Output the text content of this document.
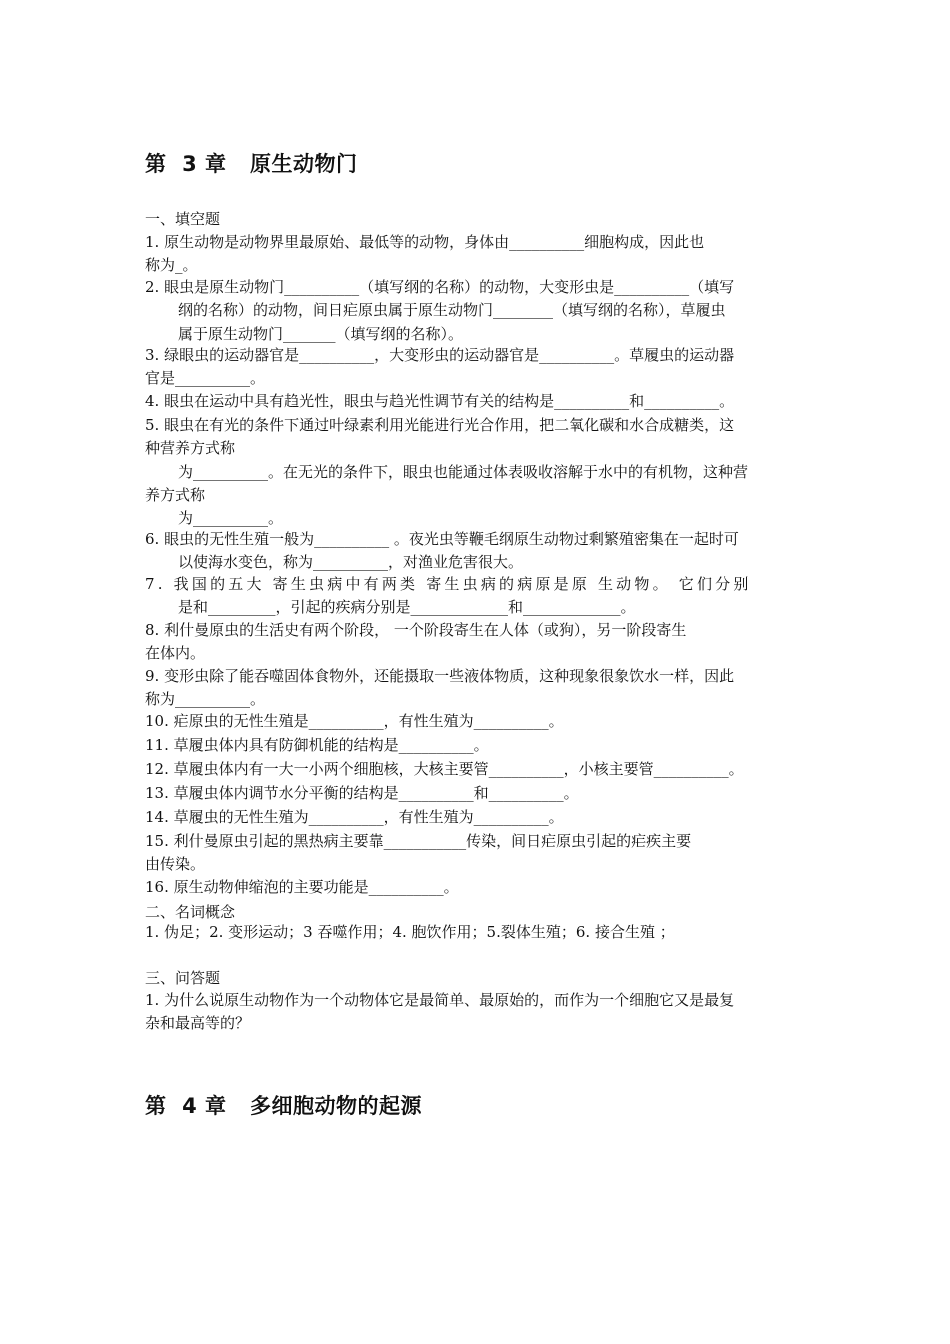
第  3 章   原生动物门

一、填空题

1. 原生动物是动物界里最原始、最低等的动物，身体由__________细胞构成，因此也
称为_。

2. 眼虫是原生动物门__________（填写纲的名称）的动物，大变形虫是__________（填写
纲的名称）的动物，间日疟原虫属于原生动物门________（填写纲的名称），草履虫
属于原生动物门_______（填写纲的名称）。

3. 绿眼虫的运动器官是__________，大变形虫的运动器官是__________。草履虫的运动器
官是__________。

4. 眼虫在运动中具有趋光性，眼虫与趋光性调节有关的结构是__________和__________。

5. 眼虫在有光的条件下通过叶绿素利用光能进行光合作用，把二氧化碳和水合成糖类，这
种营养方式称
为__________。在无光的条件下，眼虫也能通过体表吸收溶解于水中的有机物，这种营
养方式称
为__________。

6. 眼虫的无性生殖一般为__________ 。夜光虫等鞭毛纲原生动物过剩繁殖密集在一起时可
以使海水变色，称为__________，对渔业危害很大。

7. 我国的五大 寄生虫病中有两类 寄生虫病的病原是原 生动物。 它们分别
是和_________，引起的疾病分别是_____________和_____________。

8. 利什曼原虫的生活史有两个阶段， 一个阶段寄生在人体（或狗），另一阶段寄生
在体内。

9. 变形虫除了能吞噬固体食物外，还能摄取一些液体物质，这种现象很象饮水一样，因此
称为__________。

10. 疟原虫的无性生殖是__________，有性生殖为__________。

11. 草履虫体内具有防御机能的结构是__________。

12. 草履虫体内有一大一小两个细胞核，大核主要管__________，小核主要管__________。

13. 草履虫体内调节水分平衡的结构是__________和__________。

14. 草履虫的无性生殖为__________，有性生殖为__________。

15. 利什曼原虫引起的黑热病主要靠___________传染，间日疟原虫引起的疟疾主要
由传染。

16. 原生动物伸缩泡的主要功能是__________。

二、名词概念

1. 伪足；2. 变形运动；3 吞噬作用；4. 胞饮作用；5.裂体生殖；6. 接合生殖 ；

三、问答题

1. 为什么说原生动物作为一个动物体它是最简单、最原始的，而作为一个细胞它又是最复
杂和最高等的？

第  4 章   多细胞动物的起源
